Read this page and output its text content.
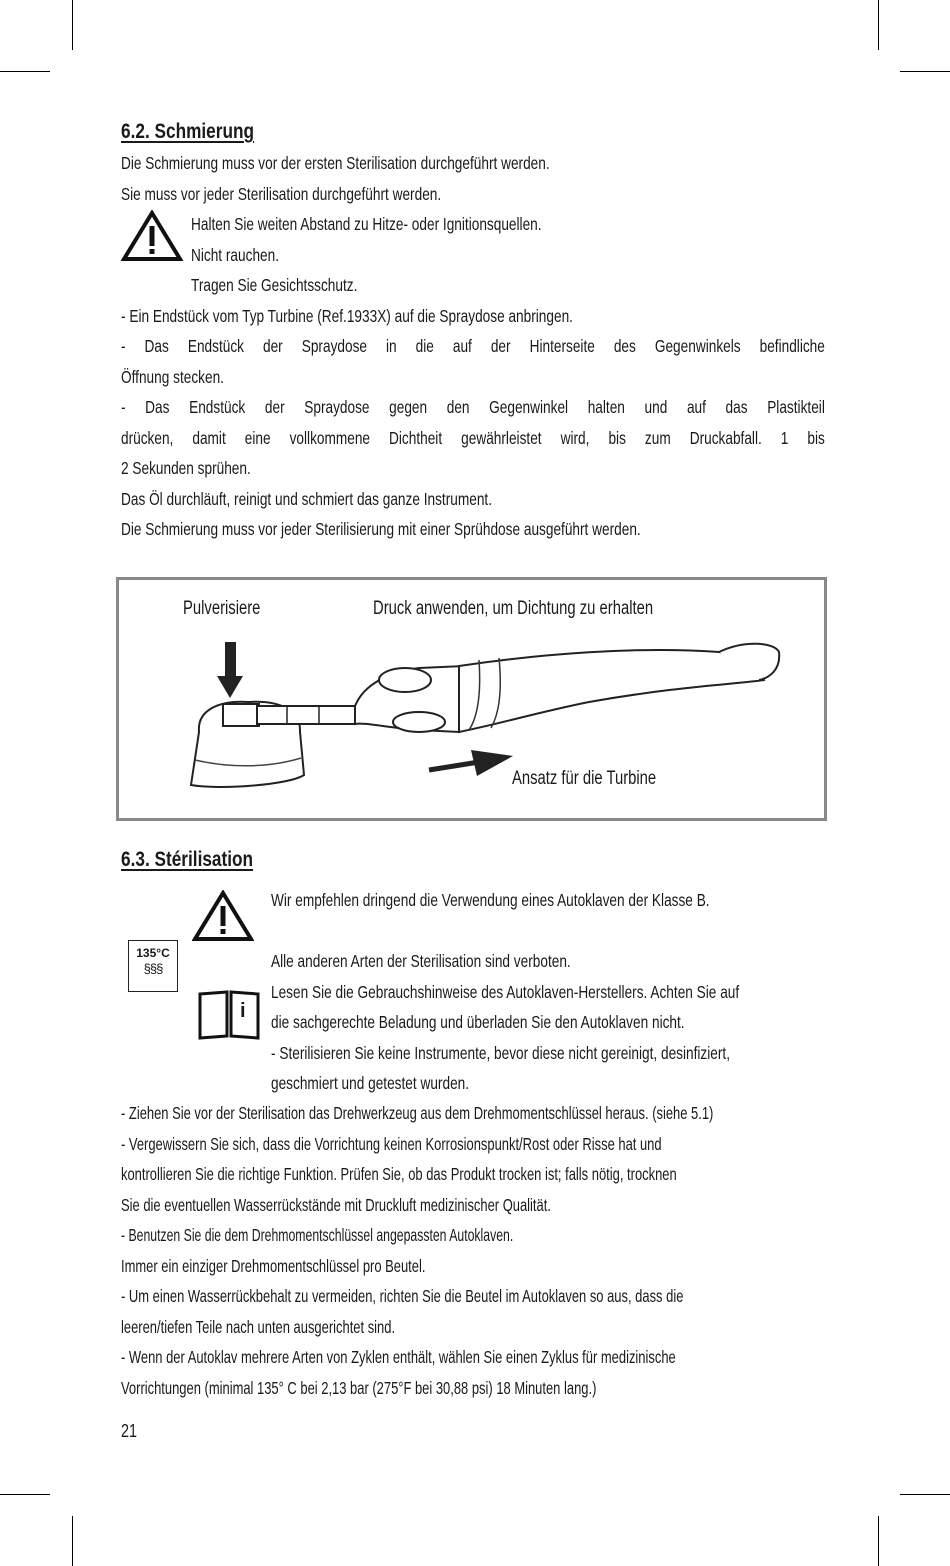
6.2. Schmierung
Die Schmierung muss vor der ersten Sterilisation durchgeführt werden.
Sie muss vor jeder Sterilisation durchgeführt werden.
Halten Sie weiten Abstand zu Hitze- oder Ignitionsquellen.
Nicht rauchen.
Tragen Sie Gesichtsschutz.
- Ein Endstück vom Typ Turbine (Ref.1933X) auf die Spraydose anbringen.
- Das Endstück der Spraydose in die auf der Hinterseite des Gegenwinkels befindliche
Öffnung stecken.
- Das Endstück der Spraydose gegen den Gegenwinkel halten und auf das Plastikteil
drücken, damit eine vollkommene Dichtheit gewährleistet wird, bis zum Druckabfall. 1 bis
2 Sekunden sprühen.
Das Öl durchläuft, reinigt und schmiert das ganze Instrument.
Die Schmierung muss vor jeder Sterilisierung mit einer Sprühdose ausgeführt werden.
Pulverisiere	Druck anwenden, um Dichtung zu erhalten
Ansatz für die Turbine
6.3. Stérilisation
135°C
§§§
i
Wir empfehlen dringend die Verwendung eines Autoklaven der Klasse B.
Alle anderen Arten der Sterilisation sind verboten.
Lesen Sie die Gebrauchshinweise des Autoklaven-Herstellers. Achten Sie auf
die sachgerechte Beladung und überladen Sie den Autoklaven nicht.
- Sterilisieren Sie keine Instrumente, bevor diese nicht gereinigt, desinfiziert,
geschmiert und getestet wurden.
- Ziehen Sie vor der Sterilisation das Drehwerkzeug aus dem Drehmomentschlüssel heraus. (siehe 5.1)
- Vergewissern Sie sich, dass die Vorrichtung keinen Korrosionspunkt/Rost oder Risse hat und
kontrollieren Sie die richtige Funktion. Prüfen Sie, ob das Produkt trocken ist; falls nötig, trocknen
Sie die eventuellen Wasserrückstände mit Druckluft medizinischer Qualität.
- Benutzen Sie die dem Drehmomentschlüssel angepassten Autoklaven.
Immer ein einziger Drehmomentschlüssel pro Beutel.
- Um einen Wasserrückbehalt zu vermeiden, richten Sie die Beutel im Autoklaven so aus, dass die
leeren/tiefen Teile nach unten ausgerichtet sind.
- Wenn der Autoklav mehrere Arten von Zyklen enthält, wählen Sie einen Zyklus für medizinische
Vorrichtungen (minimal 135° C bei 2,13 bar (275°F bei 30,88 psi) 18 Minuten lang.)
21
